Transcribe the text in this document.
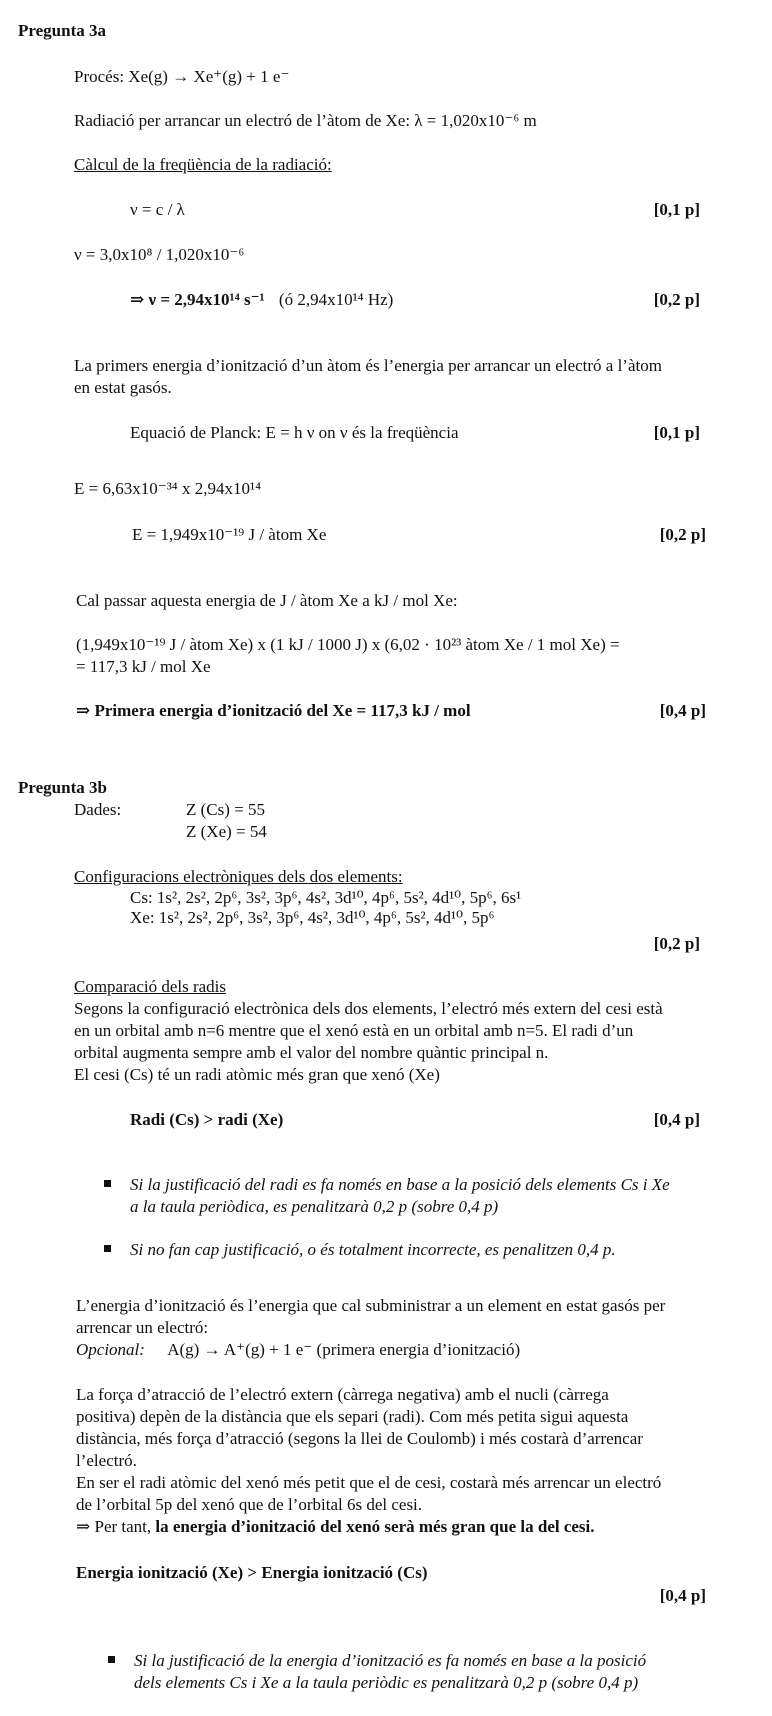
Pregunta 3a
Procés: Xe(g) → Xe⁺(g) + 1 e⁻
Radiació per arrancar un electró de l’àtom de Xe: λ = 1,020x10⁻⁶ m
Càlcul de la freqüència de la radiació:
ν = c / λ	[0,1 p]
ν = 3,0x10⁸ / 1,020x10⁻⁶
⇒ ν = 2,94x10¹⁴ s⁻¹ (ó 2,94x10¹⁴ Hz)	[0,2 p]
La primers energia d’ionització d’un àtom és l’energia per arrancar un electró a l’àtom
en estat gasós.
Equació de Planck: E = h ν on ν és la freqüència	[0,1 p]
E = 6,63x10⁻³⁴ x 2,94x10¹⁴
E = 1,949x10⁻¹⁹ J / àtom Xe	[0,2 p]
Cal passar aquesta energia de J / àtom Xe a kJ / mol Xe:
(1,949x10⁻¹⁹ J / àtom Xe) x (1 kJ / 1000 J) x (6,02 · 10²³ àtom Xe / 1 mol Xe) =
= 117,3 kJ / mol Xe
⇒ Primera energia d’ionització del Xe = 117,3 kJ / mol	[0,4 p]
Pregunta 3b
Dades:	Z (Cs) = 55
Z (Xe) = 54
Configuracions electròniques dels dos elements:
Cs: 1s², 2s², 2p⁶, 3s², 3p⁶, 4s², 3d¹⁰, 4p⁶, 5s², 4d¹⁰, 5p⁶, 6s¹
Xe: 1s², 2s², 2p⁶, 3s², 3p⁶, 4s², 3d¹⁰, 4p⁶, 5s², 4d¹⁰, 5p⁶
[0,2 p]
Comparació dels radis
Segons la configuració electrònica dels dos elements, l’electró més extern del cesi està
en un orbital amb n=6 mentre que el xenó està en un orbital amb n=5. El radi d’un
orbital augmenta sempre amb el valor del nombre quàntic principal n.
El cesi (Cs) té un radi atòmic més gran que xenó (Xe)
Radi (Cs) > radi (Xe)	[0,4 p]
Si la justificació del radi es fa només en base a la posició dels elements Cs i Xe
a la taula periòdica, es penalitzarà 0,2 p (sobre 0,4 p)
Si no fan cap justificació, o és totalment incorrecte, es penalitzen 0,4 p.
L’energia d’ionització és l’energia que cal subministrar a un element en estat gasós per
arrencar un electró:
Opcional: A(g) → A⁺(g) + 1 e⁻ (primera energia d’ionització)
La força d’atracció de l’electró extern (càrrega negativa) amb el nucli (càrrega
positiva) depèn de la distància que els separi (radi). Com més petita sigui aquesta
distància, més força d’atracció (segons la llei de Coulomb) i més costarà d’arrencar
l’electró.
En ser el radi atòmic del xenó més petit que el de cesi, costarà més arrencar un electró
de l’orbital 5p del xenó que de l’orbital 6s del cesi.
⇒ Per tant, la energia d’ionització del xenó serà més gran que la del cesi.
Energia ionització (Xe) > Energia ionització (Cs)
[0,4 p]
Si la justificació de la energia d’ionització es fa només en base a la posició
dels elements Cs i Xe a la taula periòdic es penalitzarà 0,2 p (sobre 0,4 p)
